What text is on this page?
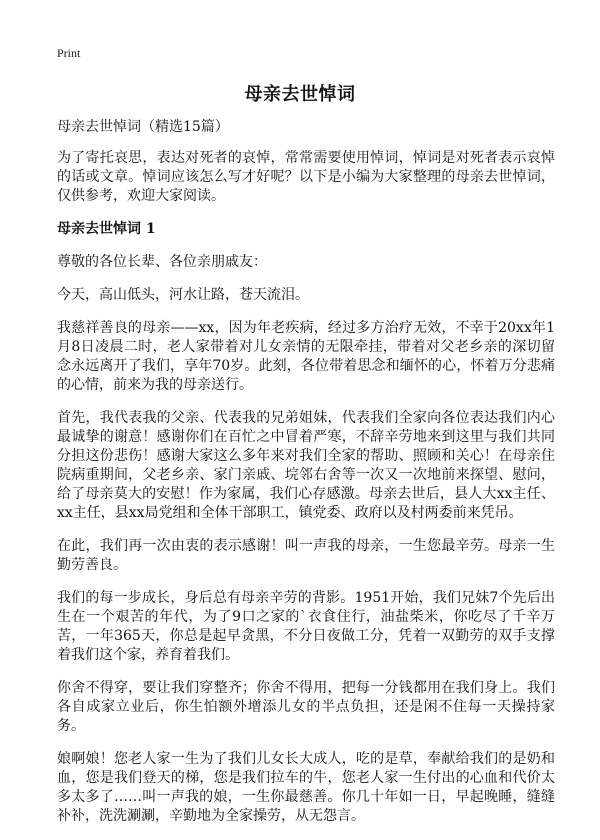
Print
母亲去世悼词

母亲去世悼词（精选15篇）

为了寄托哀思，表达对死者的哀悼，常常需要使用悼词，悼词是对死者表示哀悼的话或文章。悼词应该怎么写才好呢？以下是小编为大家整理的母亲去世悼词，仅供参考，欢迎大家阅读。

母亲去世悼词 1

尊敬的各位长辈、各位亲朋戚友：

今天，高山低头，河水让路，苍天流泪。

我慈祥善良的母亲——xx，因为年老疾病，经过多方治疗无效，不幸于20xx年1月8日凌晨二时，老人家带着对儿女亲情的无限牵挂，带着对父老乡亲的深切留念永远离开了我们，享年70岁。此刻，各位带着思念和缅怀的心，怀着万分悲痛的心情，前来为我的母亲送行。

首先，我代表我的父亲、代表我的兄弟姐妹，代表我们全家向各位表达我们内心最诚挚的谢意！感谢你们在百忙之中冒着严寒，不辞辛劳地来到这里与我们共同分担这份悲伤！感谢大家这么多年来对我们全家的帮助、照顾和关心！在母亲住院病重期间，父老乡亲、家门亲戚、垸邻右舍等一次又一次地前来探望、慰问，给了母亲莫大的安慰！作为家属，我们心存感激。母亲去世后，县人大xx主任、xx主任，县xx局党组和全体干部职工，镇党委、政府以及村两委前来凭吊。

在此，我们再一次由衷的表示感谢！叫一声我的母亲，一生您最辛劳。母亲一生勤劳善良。

我们的每一步成长，身后总有母亲辛劳的背影。1951开始，我们兄妹7个先后出生在一个艰苦的年代，为了9口之家的`衣食住行，油盐柴米，你吃尽了千辛万苦，一年365天，你总是起早贪黑，不分日夜做工分，凭着一双勤劳的双手支撑着我们这个家，养育着我们。

你舍不得穿，要让我们穿整齐；你舍不得用，把每一分钱都用在我们身上。我们各自成家立业后，你生怕额外增添儿女的半点负担，还是闲不住每一天操持家务。

娘啊娘！您老人家一生为了我们儿女长大成人，吃的是草，奉献给我们的是奶和血，您是我们登天的梯，您是我们拉车的牛，您老人家一生付出的心血和代价太多太多了……叫一声我的娘，一生你最慈善。你几十年如一日，早起晚睡，缝缝补补，洗洗涮涮，辛勤地为全家操劳，从无怨言。
